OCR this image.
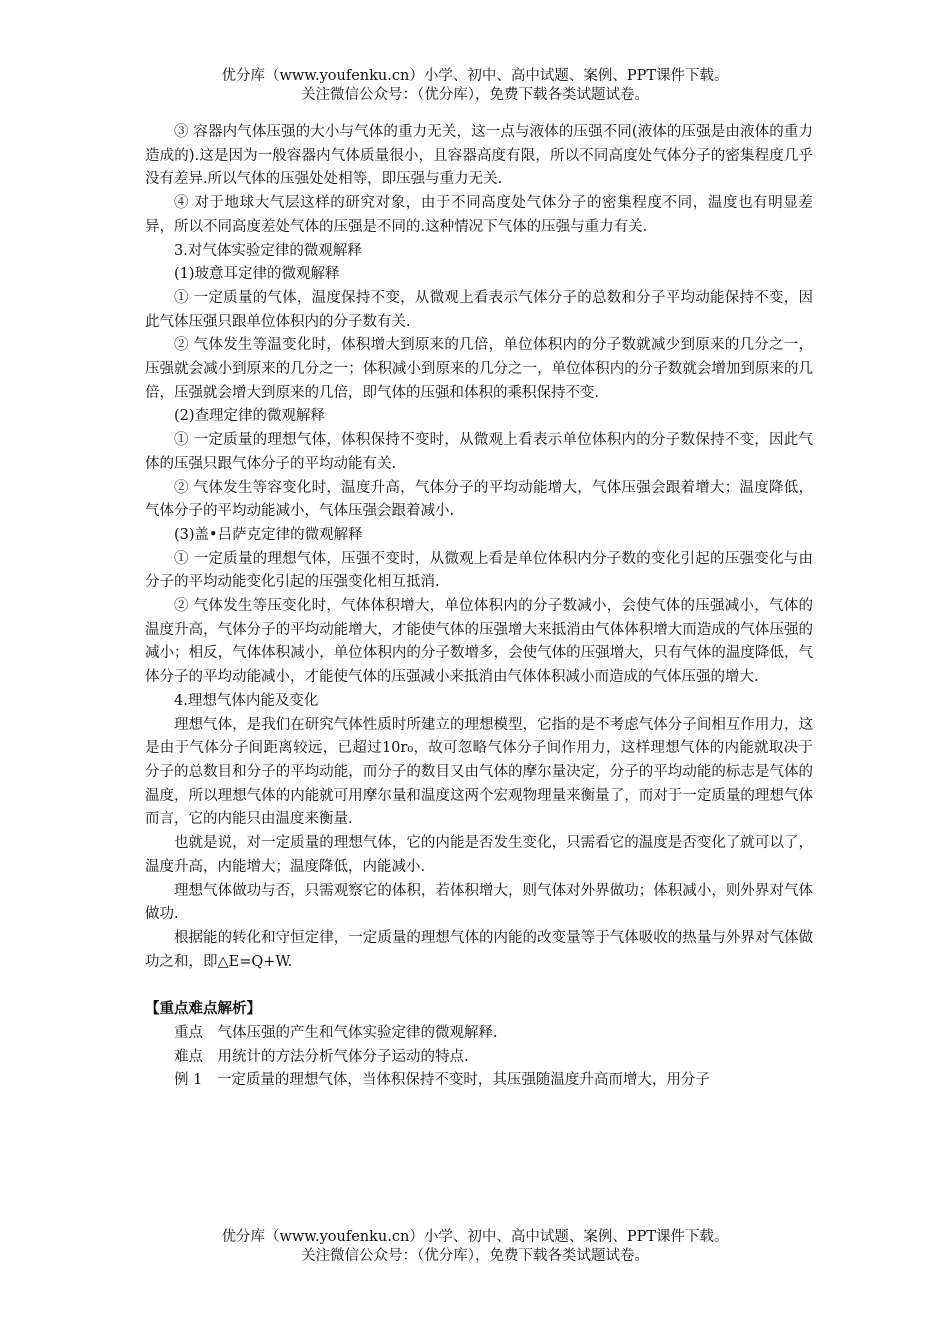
优分库（www.youfenku.cn）小学、初中、高中试题、案例、PPT课件下载。
关注微信公众号：（优分库），免费下载各类试题试卷。

③ 容器内气体压强的大小与气体的重力无关，这一点与液体的压强不同(液体的压强是由液体的重力造成的).这是因为一般容器内气体质量很小，且容器高度有限，所以不同高度处气体分子的密集程度几乎没有差异.所以气体的压强处处相等，即压强与重力无关.

④ 对于地球大气层这样的研究对象，由于不同高度处气体分子的密集程度不同，温度也有明显差异，所以不同高度差处气体的压强是不同的.这种情况下气体的压强与重力有关.

3.对气体实验定律的微观解释

(1)玻意耳定律的微观解释

① 一定质量的气体，温度保持不变，从微观上看表示气体分子的总数和分子平均动能保持不变，因此气体压强只跟单位体积内的分子数有关.

② 气体发生等温变化时，体积增大到原来的几倍，单位体积内的分子数就减少到原来的几分之一，压强就会减小到原来的几分之一；体积减小到原来的几分之一，单位体积内的分子数就会增加到原来的几倍，压强就会增大到原来的几倍，即气体的压强和体积的乘积保持不变.

(2)查理定律的微观解释

① 一定质量的理想气体，体积保持不变时，从微观上看表示单位体积内的分子数保持不变，因此气体的压强只跟气体分子的平均动能有关.

② 气体发生等容变化时，温度升高，气体分子的平均动能增大，气体压强会跟着增大；温度降低，气体分子的平均动能减小，气体压强会跟着减小.

(3)盖•吕萨克定律的微观解释

① 一定质量的理想气体，压强不变时，从微观上看是单位体积内分子数的变化引起的压强变化与由分子的平均动能变化引起的压强变化相互抵消.

② 气体发生等压变化时，气体体积增大，单位体积内的分子数减小，会使气体的压强减小，气体的温度升高，气体分子的平均动能增大，才能使气体的压强增大来抵消由气体体积增大而造成的气体压强的减小；相反，气体体积减小，单位体积内的分子数增多，会使气体的压强增大，只有气体的温度降低，气体分子的平均动能减小，才能使气体的压强减小来抵消由气体体积减小而造成的气体压强的增大.

4.理想气体内能及变化

理想气体，是我们在研究气体性质时所建立的理想模型，它指的是不考虑气体分子间相互作用力，这是由于气体分子间距离较远，已超过10r₀，故可忽略气体分子间作用力，这样理想气体的内能就取决于分子的总数目和分子的平均动能，而分子的数目又由气体的摩尔量决定，分子的平均动能的标志是气体的温度，所以理想气体的内能就可用摩尔量和温度这两个宏观物理量来衡量了，而对于一定质量的理想气体而言，它的内能只由温度来衡量.

也就是说，对一定质量的理想气体，它的内能是否发生变化，只需看它的温度是否变化了就可以了，温度升高，内能增大；温度降低，内能减小.

理想气体做功与否，只需观察它的体积，若体积增大，则气体对外界做功；体积减小，则外界对气体做功.

根据能的转化和守恒定律，一定质量的理想气体的内能的改变量等于气体吸收的热量与外界对气体做功之和，即△E=Q+W.

【重点难点解析】

重点　气体压强的产生和气体实验定律的微观解释.

难点　用统计的方法分析气体分子运动的特点.

例 1　一定质量的理想气体，当体积保持不变时，其压强随温度升高而增大，用分子

优分库（www.youfenku.cn）小学、初中、高中试题、案例、PPT课件下载。
关注微信公众号：（优分库），免费下载各类试题试卷。
